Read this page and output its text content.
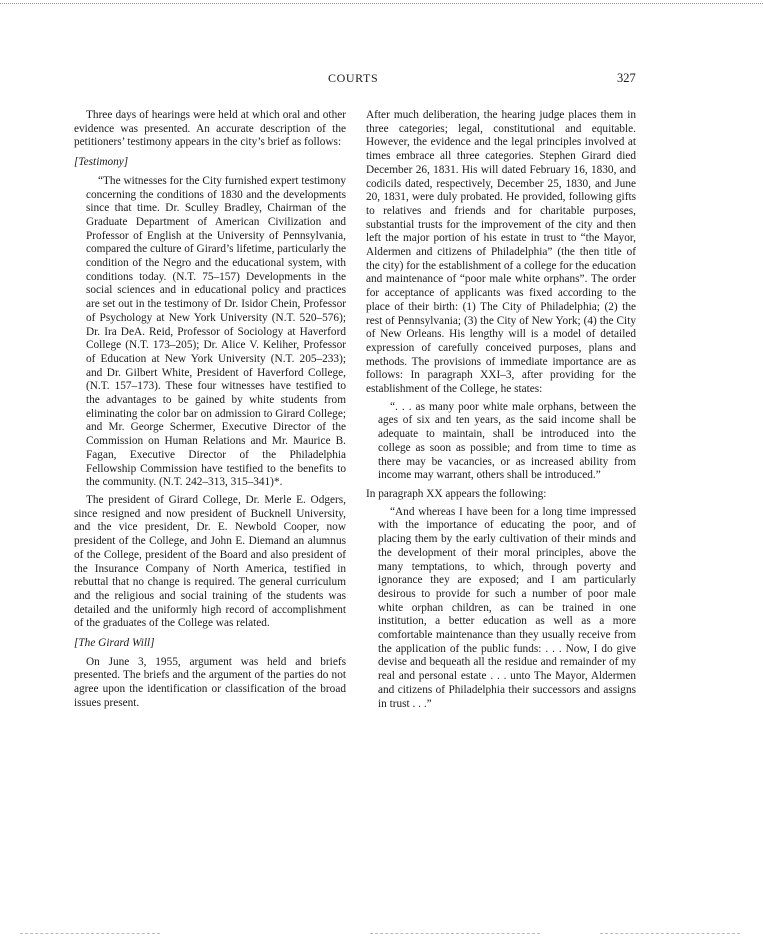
COURTS	327

Three days of hearings were held at which oral and other evidence was presented. An accurate description of the petitioners’ testimony appears in the city’s brief as follows:

[Testimony]

“The witnesses for the City furnished expert testimony concerning the conditions of 1830 and the developments since that time. Dr. Sculley Bradley, Chairman of the Graduate Department of American Civilization and Professor of English at the University of Pennsylvania, compared the culture of Girard’s lifetime, particularly the condition of the Negro and the educational system, with conditions today. (N.T. 75–157) Developments in the social sciences and in educational policy and practices are set out in the testimony of Dr. Isidor Chein, Professor of Psychology at New York University (N.T. 520–576); Dr. Ira DeA. Reid, Professor of Sociology at Haverford College (N.T. 173–205); Dr. Alice V. Keliher, Professor of Education at New York University (N.T. 205–233); and Dr. Gilbert White, President of Haverford College, (N.T. 157–173). These four witnesses have testified to the advantages to be gained by white students from eliminating the color bar on admission to Girard College; and Mr. George Schermer, Executive Director of the Commission on Human Relations and Mr. Maurice B. Fagan, Executive Director of the Philadelphia Fellowship Commission have testified to the benefits to the community. (N.T. 242–313, 315–341)*.

The president of Girard College, Dr. Merle E. Odgers, since resigned and now president of Bucknell University, and the vice president, Dr. E. Newbold Cooper, now president of the College, and John E. Diemand an alumnus of the College, president of the Board and also president of the Insurance Company of North America, testified in rebuttal that no change is required. The general curriculum and the religious and social training of the students was detailed and the uniformly high record of accomplishment of the graduates of the College was related.

[The Girard Will]

On June 3, 1955, argument was held and briefs presented. The briefs and the argument of the parties do not agree upon the identification or classification of the broad issues present.

After much deliberation, the hearing judge places them in three categories; legal, constitutional and equitable. However, the evidence and the legal principles involved at times embrace all three categories. Stephen Girard died December 26, 1831. His will dated February 16, 1830, and codicils dated, respectively, December 25, 1830, and June 20, 1831, were duly probated. He provided, following gifts to relatives and friends and for charitable purposes, substantial trusts for the improvement of the city and then left the major portion of his estate in trust to “the Mayor, Aldermen and citizens of Philadelphia” (the then title of the city) for the establishment of a college for the education and maintenance of “poor male white orphans”. The order for acceptance of applicants was fixed according to the place of their birth: (1) The City of Philadelphia; (2) the rest of Pennsylvania; (3) the City of New York; (4) the City of New Orleans. His lengthy will is a model of detailed expression of carefully conceived purposes, plans and methods. The provisions of immediate importance are as follows: In paragraph XXI–3, after providing for the establishment of the College, he states:

“. . . as many poor white male orphans, between the ages of six and ten years, as the said income shall be adequate to maintain, shall be introduced into the college as soon as possible; and from time to time as there may be vacancies, or as increased ability from income may warrant, others shall be introduced.”

In paragraph XX appears the following:

“And whereas I have been for a long time impressed with the importance of educating the poor, and of placing them by the early cultivation of their minds and the development of their moral principles, above the many temptations, to which, through poverty and ignorance they are exposed; and I am particularly desirous to provide for such a number of poor male white orphan children, as can be trained in one institution, a better education as well as a more comfortable maintenance than they usually receive from the application of the public funds: . . . Now, I do give devise and bequeath all the residue and remainder of my real and personal estate . . . unto The Mayor, Aldermen and citizens of Philadelphia their successors and assigns in trust . . .”
